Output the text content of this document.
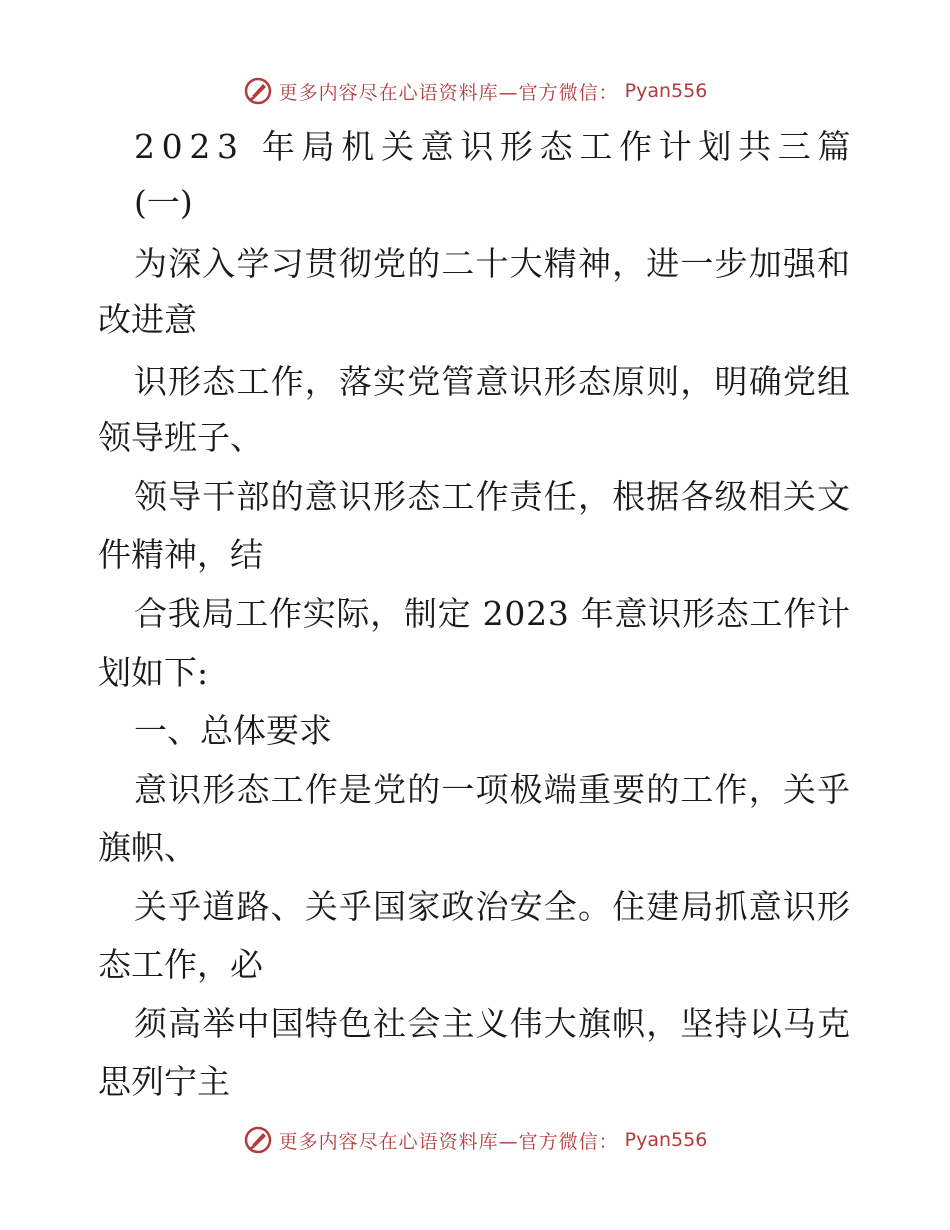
更多内容尽在心语资料库—官方微信： Pyan556
2023 年局机关意识形态工作计划共三篇
(一)
为深入学习贯彻党的二十大精神，进一步加强和
改进意
识形态工作，落实党管意识形态原则，明确党组
领导班子、
领导干部的意识形态工作责任，根据各级相关文
件精神，结
合我局工作实际，制定 2023 年意识形态工作计
划如下:
一、总体要求
意识形态工作是党的一项极端重要的工作，关乎
旗帜、
关乎道路、关乎国家政治安全。住建局抓意识形
态工作，必
须高举中国特色社会主义伟大旗帜，坚持以马克
思列宁主
更多内容尽在心语资料库—官方微信： Pyan556
